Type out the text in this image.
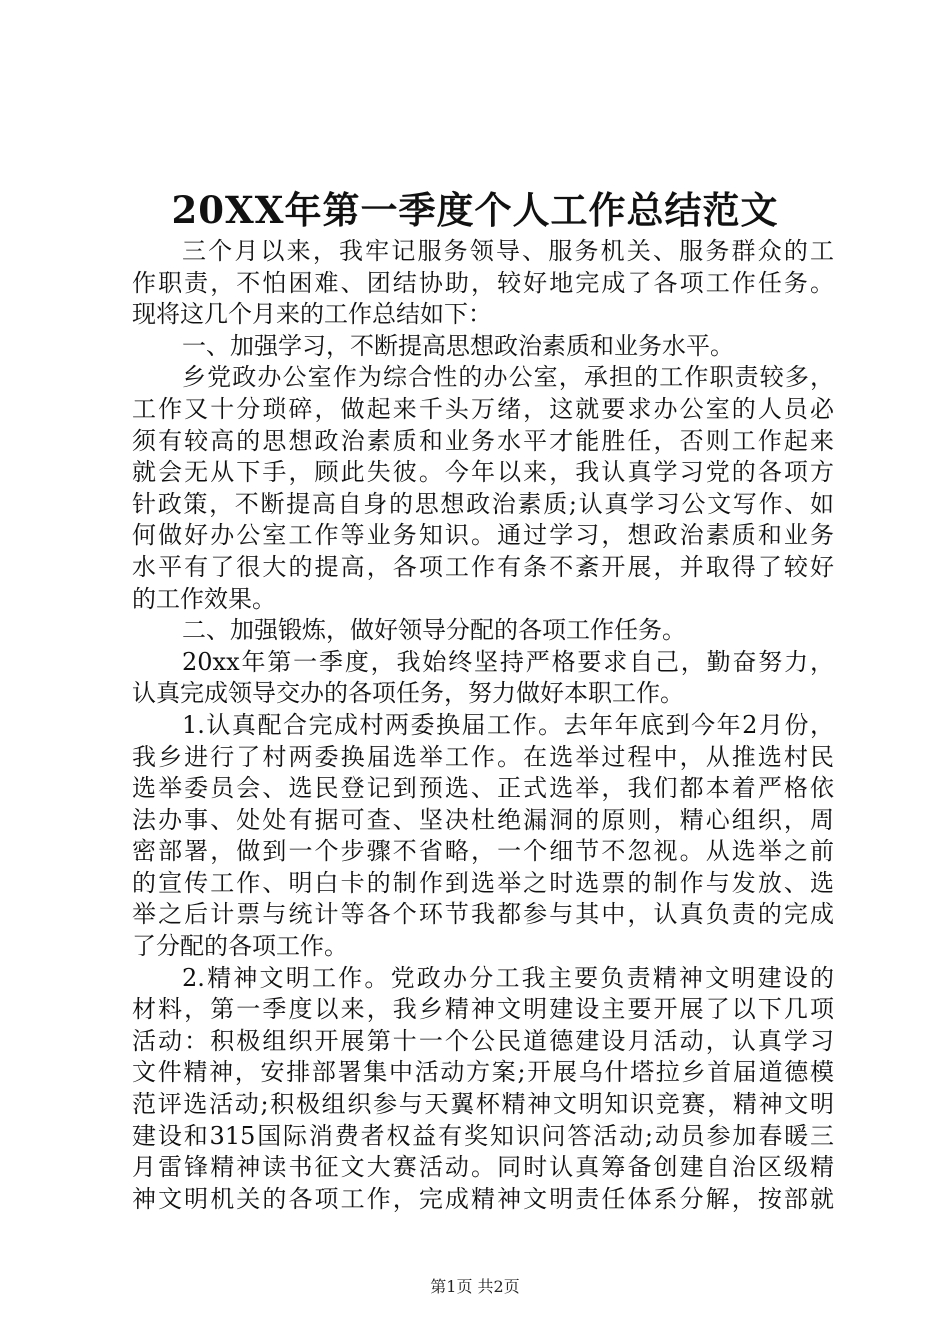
20XX年第一季度个人工作总结范文
三个月以来，我牢记服务领导、服务机关、服务群众的工
作职责，不怕困难、团结协助，较好地完成了各项工作任务。
现将这几个月来的工作总结如下：
一、加强学习，不断提高思想政治素质和业务水平。
乡党政办公室作为综合性的办公室，承担的工作职责较多，
工作又十分琐碎，做起来千头万绪，这就要求办公室的人员必
须有较高的思想政治素质和业务水平才能胜任，否则工作起来
就会无从下手，顾此失彼。今年以来，我认真学习党的各项方
针政策，不断提高自身的思想政治素质;认真学习公文写作、如
何做好办公室工作等业务知识。通过学习，想政治素质和业务
水平有了很大的提高，各项工作有条不紊开展，并取得了较好
的工作效果。
二、加强锻炼，做好领导分配的各项工作任务。
20xx年第一季度，我始终坚持严格要求自己，勤奋努力，
认真完成领导交办的各项任务，努力做好本职工作。
1.认真配合完成村两委换届工作。去年年底到今年2月份，
我乡进行了村两委换届选举工作。在选举过程中，从推选村民
选举委员会、选民登记到预选、正式选举，我们都本着严格依
法办事、处处有据可查、坚决杜绝漏洞的原则，精心组织，周
密部署，做到一个步骤不省略，一个细节不忽视。从选举之前
的宣传工作、明白卡的制作到选举之时选票的制作与发放、选
举之后计票与统计等各个环节我都参与其中，认真负责的完成
了分配的各项工作。
2.精神文明工作。党政办分工我主要负责精神文明建设的
材料，第一季度以来，我乡精神文明建设主要开展了以下几项
活动：积极组织开展第十一个公民道德建设月活动，认真学习
文件精神，安排部署集中活动方案;开展乌什塔拉乡首届道德模
范评选活动;积极组织参与天翼杯精神文明知识竞赛，精神文明
建设和315国际消费者权益有奖知识问答活动;动员参加春暖三
月雷锋精神读书征文大赛活动。同时认真筹备创建自治区级精
神文明机关的各项工作，完成精神文明责任体系分解，按部就
第1页 共2页
